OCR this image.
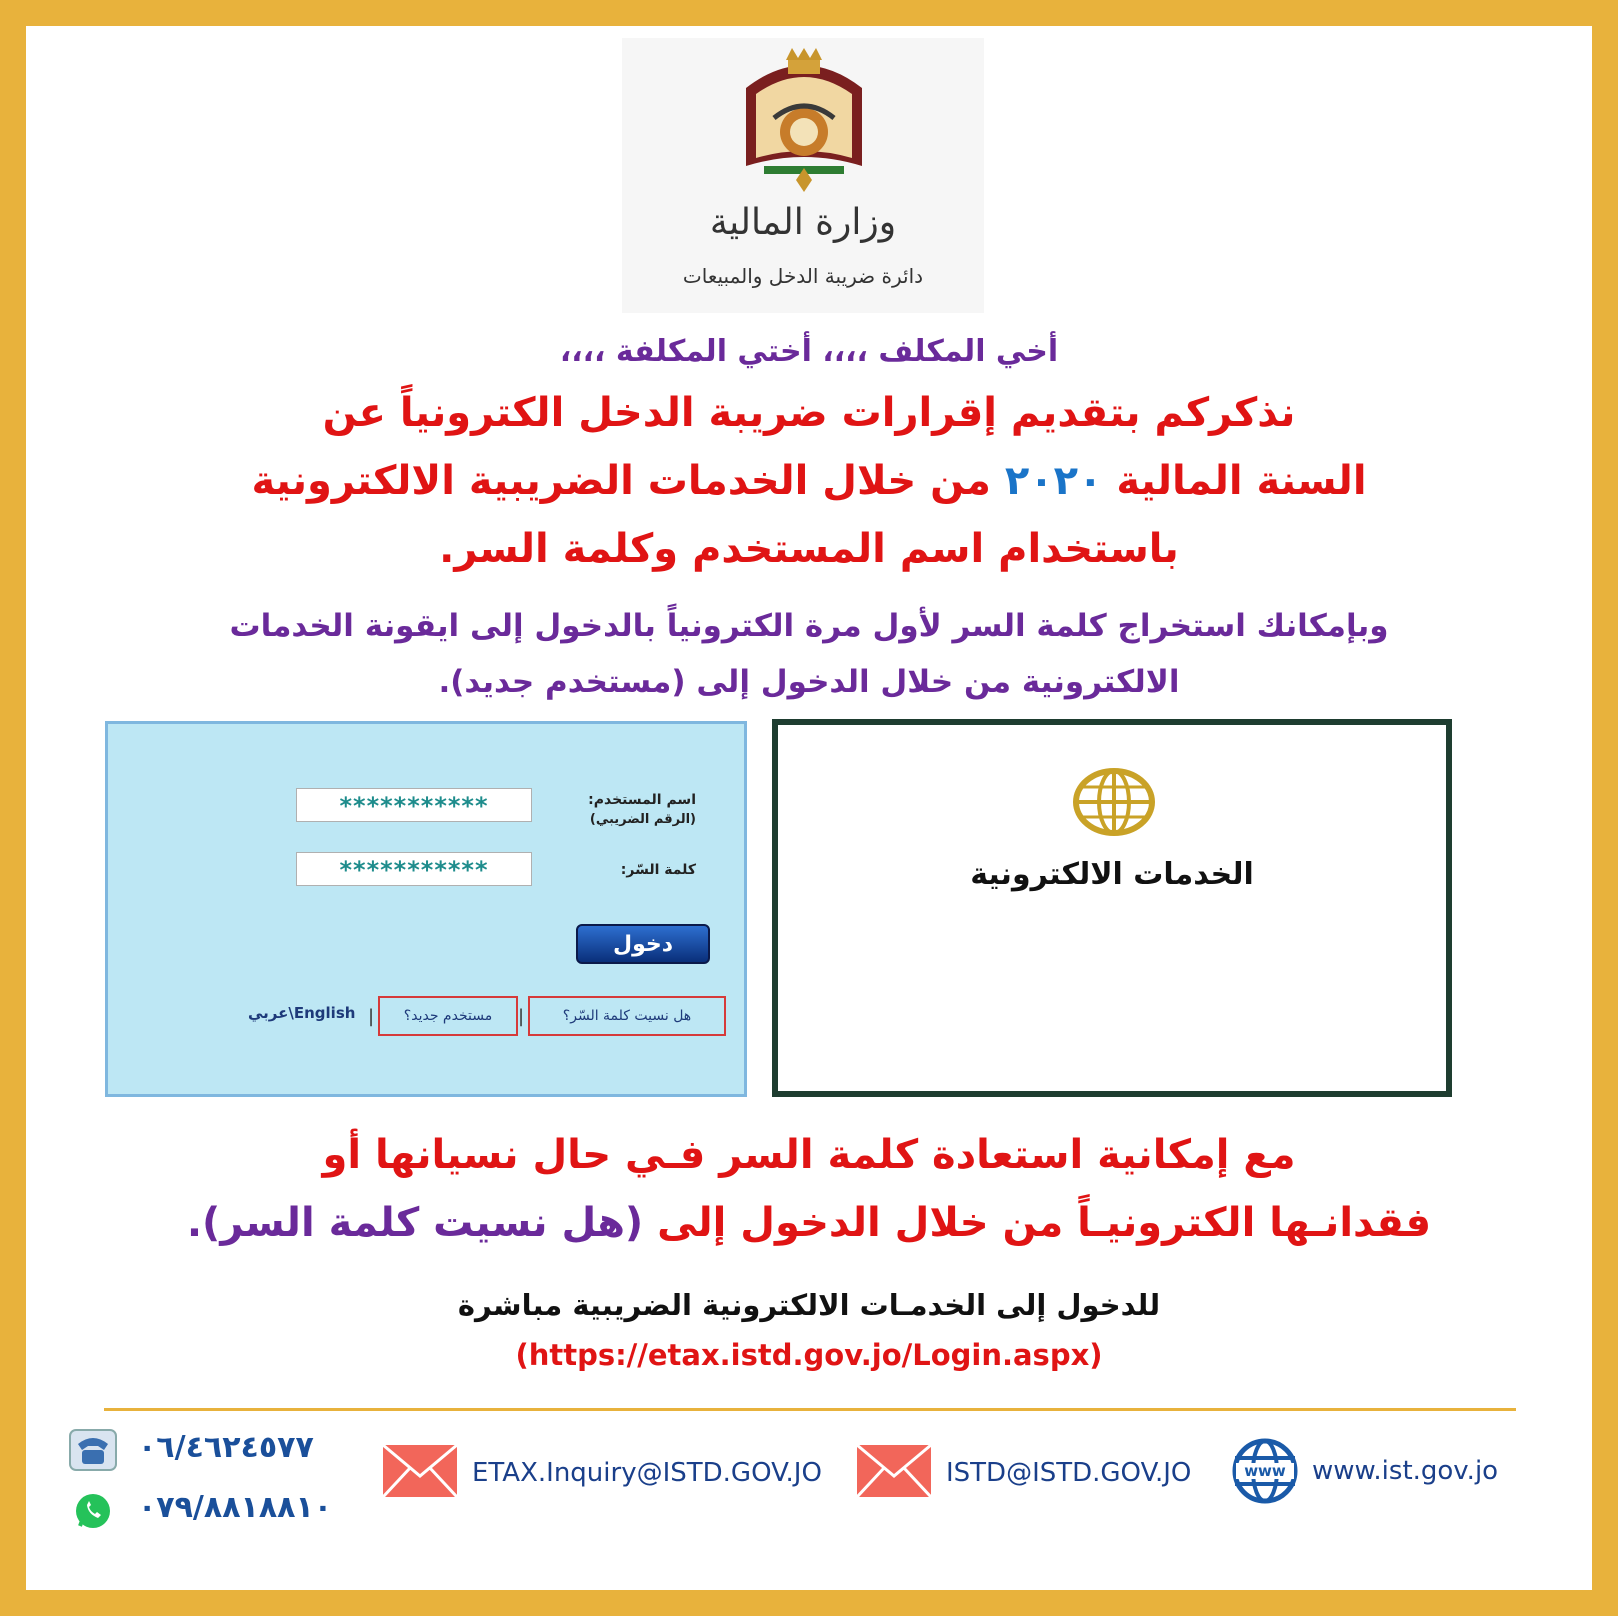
وزارة المالية
دائرة ضريبة الدخل والمبيعات
أخي المكلف ،،،، أختي المكلفة ،،،،
نذكركم بتقديم إقرارات ضريبة الدخل الكترونياً عن
السنة المالية ٢٠٢٠ من خلال الخدمات الضريبية الالكترونية
باستخدام اسم المستخدم وكلمة السر.
وبإمكانك استخراج كلمة السر لأول مرة الكترونياً بالدخول إلى ايقونة الخدمات
الالكترونية من خلال الدخول إلى (مستخدم جديد).
اسم المستخدم:
(الرقم الضريبي)
***********
كلمة السّر:
***********
دخول
هل نسيت كلمة السّر؟
|
مستخدم جديد؟
|
عربي\English
الخدمات الالكترونية
مع إمكانية استعادة كلمة السر فـي حال نسيانها أو
فقدانـها الكترونيـاً من خلال الدخول إلى (هل نسيت كلمة السر).
للدخول إلى الخدمـات الالكترونية الضريبية مباشرة
(https://etax.istd.gov.jo/Login.aspx)
٠٦/٤٦٢٤٥٧٧
٠٧٩/٨٨١٨٨١٠
ETAX.Inquiry@ISTD.GOV.JO	ISTD@ISTD.GOV.JO	www	www.ist.gov.jo
